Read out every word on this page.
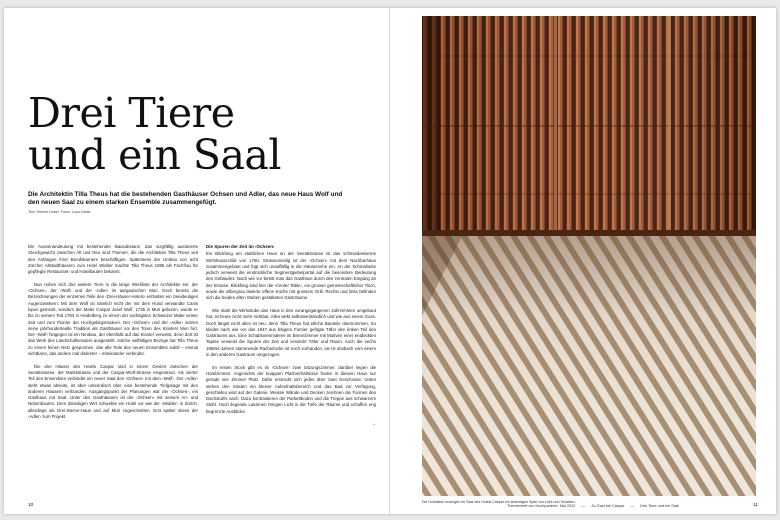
Drei Tiere
und ein Saal

Die Architektin Tilla Theus hat die bestehenden Gasthäuser Ochsen und Adler, das neue Haus Wolf und den neuen Saal zu einem starken Ensemble zusammengefügt.

Text: Werner Huber, Fotos: Luca Zanier

Die Aussenandeutung mit bestehender Bausubstanz, das sorgfältig austarierte Gleichgewicht zwischen Alt und Neu sind Themen, die die Architektin Tilla Theus seit den Anfängen ihrer Berufskarriere beschäftigen. Spätestens der Umbau von acht Zürcher Altstadthäusern zum Hotel Widder machte Tilla Theus 1995 als Fachfrau für gepflegte Restaurant- und Hotelbauten bekannt.

Nun reihen sich drei weitere Tiere in die lange Werkliste der Architektin ein: der ‹Ochsen›, der ‹Wolf› und der ‹Adler› im aargauischen Muri. Doch bereits die Bezeichnungen der einzelnen Teile des ‹Drei-Häuser-Hotels› enthalten ein zweideutiges Augenzwinkern: Mit dem Wolf ist nämlich nicht der mit dem Hund verwandte Canis lupus gemeint, sondern der Maler Caspar Josef Wolf, 1735 in Muri geboren, wurde er bis zu seinem Tod 1783 in Heidelberg zu einem der wichtigsten Schweizer Maler seiner Zeit und zum Pionier der Hochgebirgsmalerei. Der ‹Ochsen› und der ‹Adler› setzen seine jahrhundertealte Tradition als Gasthäuser vor den Toren des Klosters Muri fort. Der ‹Wolf› hingegen ist ein Neubau, der ebenfalls auf das Kloster verweist, denn dort ist das Werk des Landschaftsmalers ausgestellt. Solche vielfältigen Bezüge hat Tilla Theus zu einem feinen Netz gesponnen, das alle Teile des neuen Ensembles subtil – einmal sichtbarer, das andere mal diskreter – miteinander verbindet.

Die drei Häuser des Hotels Caspar sind in einem Geviert zwischen der Seetalstrasse, der Marktstrasse und der Caspar-Wolf-Strasse eingestreut. Als vierter Teil des Ensembles verbindet ein neuer Saal den ‹Ochsen› mit dem ‹Wolf›. Der ‹Adler› steht etwas abseits, ist aber unterirdisch über eine bestehende Tiefgarage mit den anderen Häusern verbunden. Ausgangspunkt der Planungen war der ‹Ochsen›, ein Gasthaus mit Saal. Unter den Gasthäusern ist der ‹Ochsen› mit seinem An- und Nebenbauten. Dem damaligen Wirt schwebte ein Hotel vor wie der ‹Widder› in Zürich, allerdings als Drei-Sterne-Haus und auf Muri zugeschnitten. Erst später stiess der ‹Adler› zum Projekt.

Die Spuren der Zeit im ‹Ochsen›

Ein Blickfang am stattlichen Haus an der Seetalstrasse ist das schmiedeeiserne Wirtshausschild von 1760. Strassenseitig ist der ‹Ochsen› mit dem Nachbarhaus zusammengebaut und fügt sich unauffällig in die Häuserreihe ein. An der Schmalseite jedoch verweist die eindrückliche Segmentgiebelportal auf die besondere Bedeutung des Gebäudes. Nach wie vor betritt man das Gasthaus durch den zentralen Eingang an der Strasse. Blickfang sind hier die ‹Center Table›, ein grosser gemeinschaftlicher Tisch, sowie die silbergrau lasierte offene Küche mit grossem Grill. Rechts und links befinden sich die beiden alten Stuben gestalteten Gastrräume.

Wie stark die Wirtsstube das Haus in den vorangegangenen Jahrzehnten umgebaut hat, ist heute nicht mehr sichtbar. Alles wirkt selbstverständlich und wie aus einem Guss. Doch längst nicht alles ist neu, denn Tilla Theus hat etliche Bauteile übernommen. So kleidet nach wie vor das 1947 aus bäigem Furnier gefügte Täfer den linken Teil des Gastraums aus. Eine Schablonenmalerei im Brennzimmer mit Motiven einer entdeckten Tapete verweist die Spuren der Zeit und verdeckt Täfer und Raum. Auch die sechs 1950er-Jahren stammende Racherlocke ist noch vorhanden, sie ist obsbach vom einem in den anderen Gastraum umgezogen.

Im ersten Stock gibt es im ‹Ochsen› zwei Sitzungszimmer, darüber liegen die Hotelzimmer. Angesichts der knappen Platzverhältnisse finden in diesem Haus nur gerade vier Zimmer Platz. Dafür erstreckt sich jedes über zwei Geschosse: Unten stehen den Gästen ein kleiner Aufenthaltsbereich und das Bad zur Verfügung, geschlafen wird auf der Galerie. Weisse Wände und Decken zeichnen die Formen des Dachstuhls nach. Dazu kontrastieren der Parkettboden und die Treppe aus schwarzem Stahl. Hoch liegende Lukarnen bringen Licht in die Tiefe der Räume und schaffen eng begrenzte Ausblicke.

→
10
Die Holzlatten erzeugen im Saal des Hotels Caspar ein lebendiges Spiel von Licht und Schatten.
Themenheft von Hochparterre, Mai 2022 — Zu Gast bei Caspar — Drei Tiere und ein Saal	11
